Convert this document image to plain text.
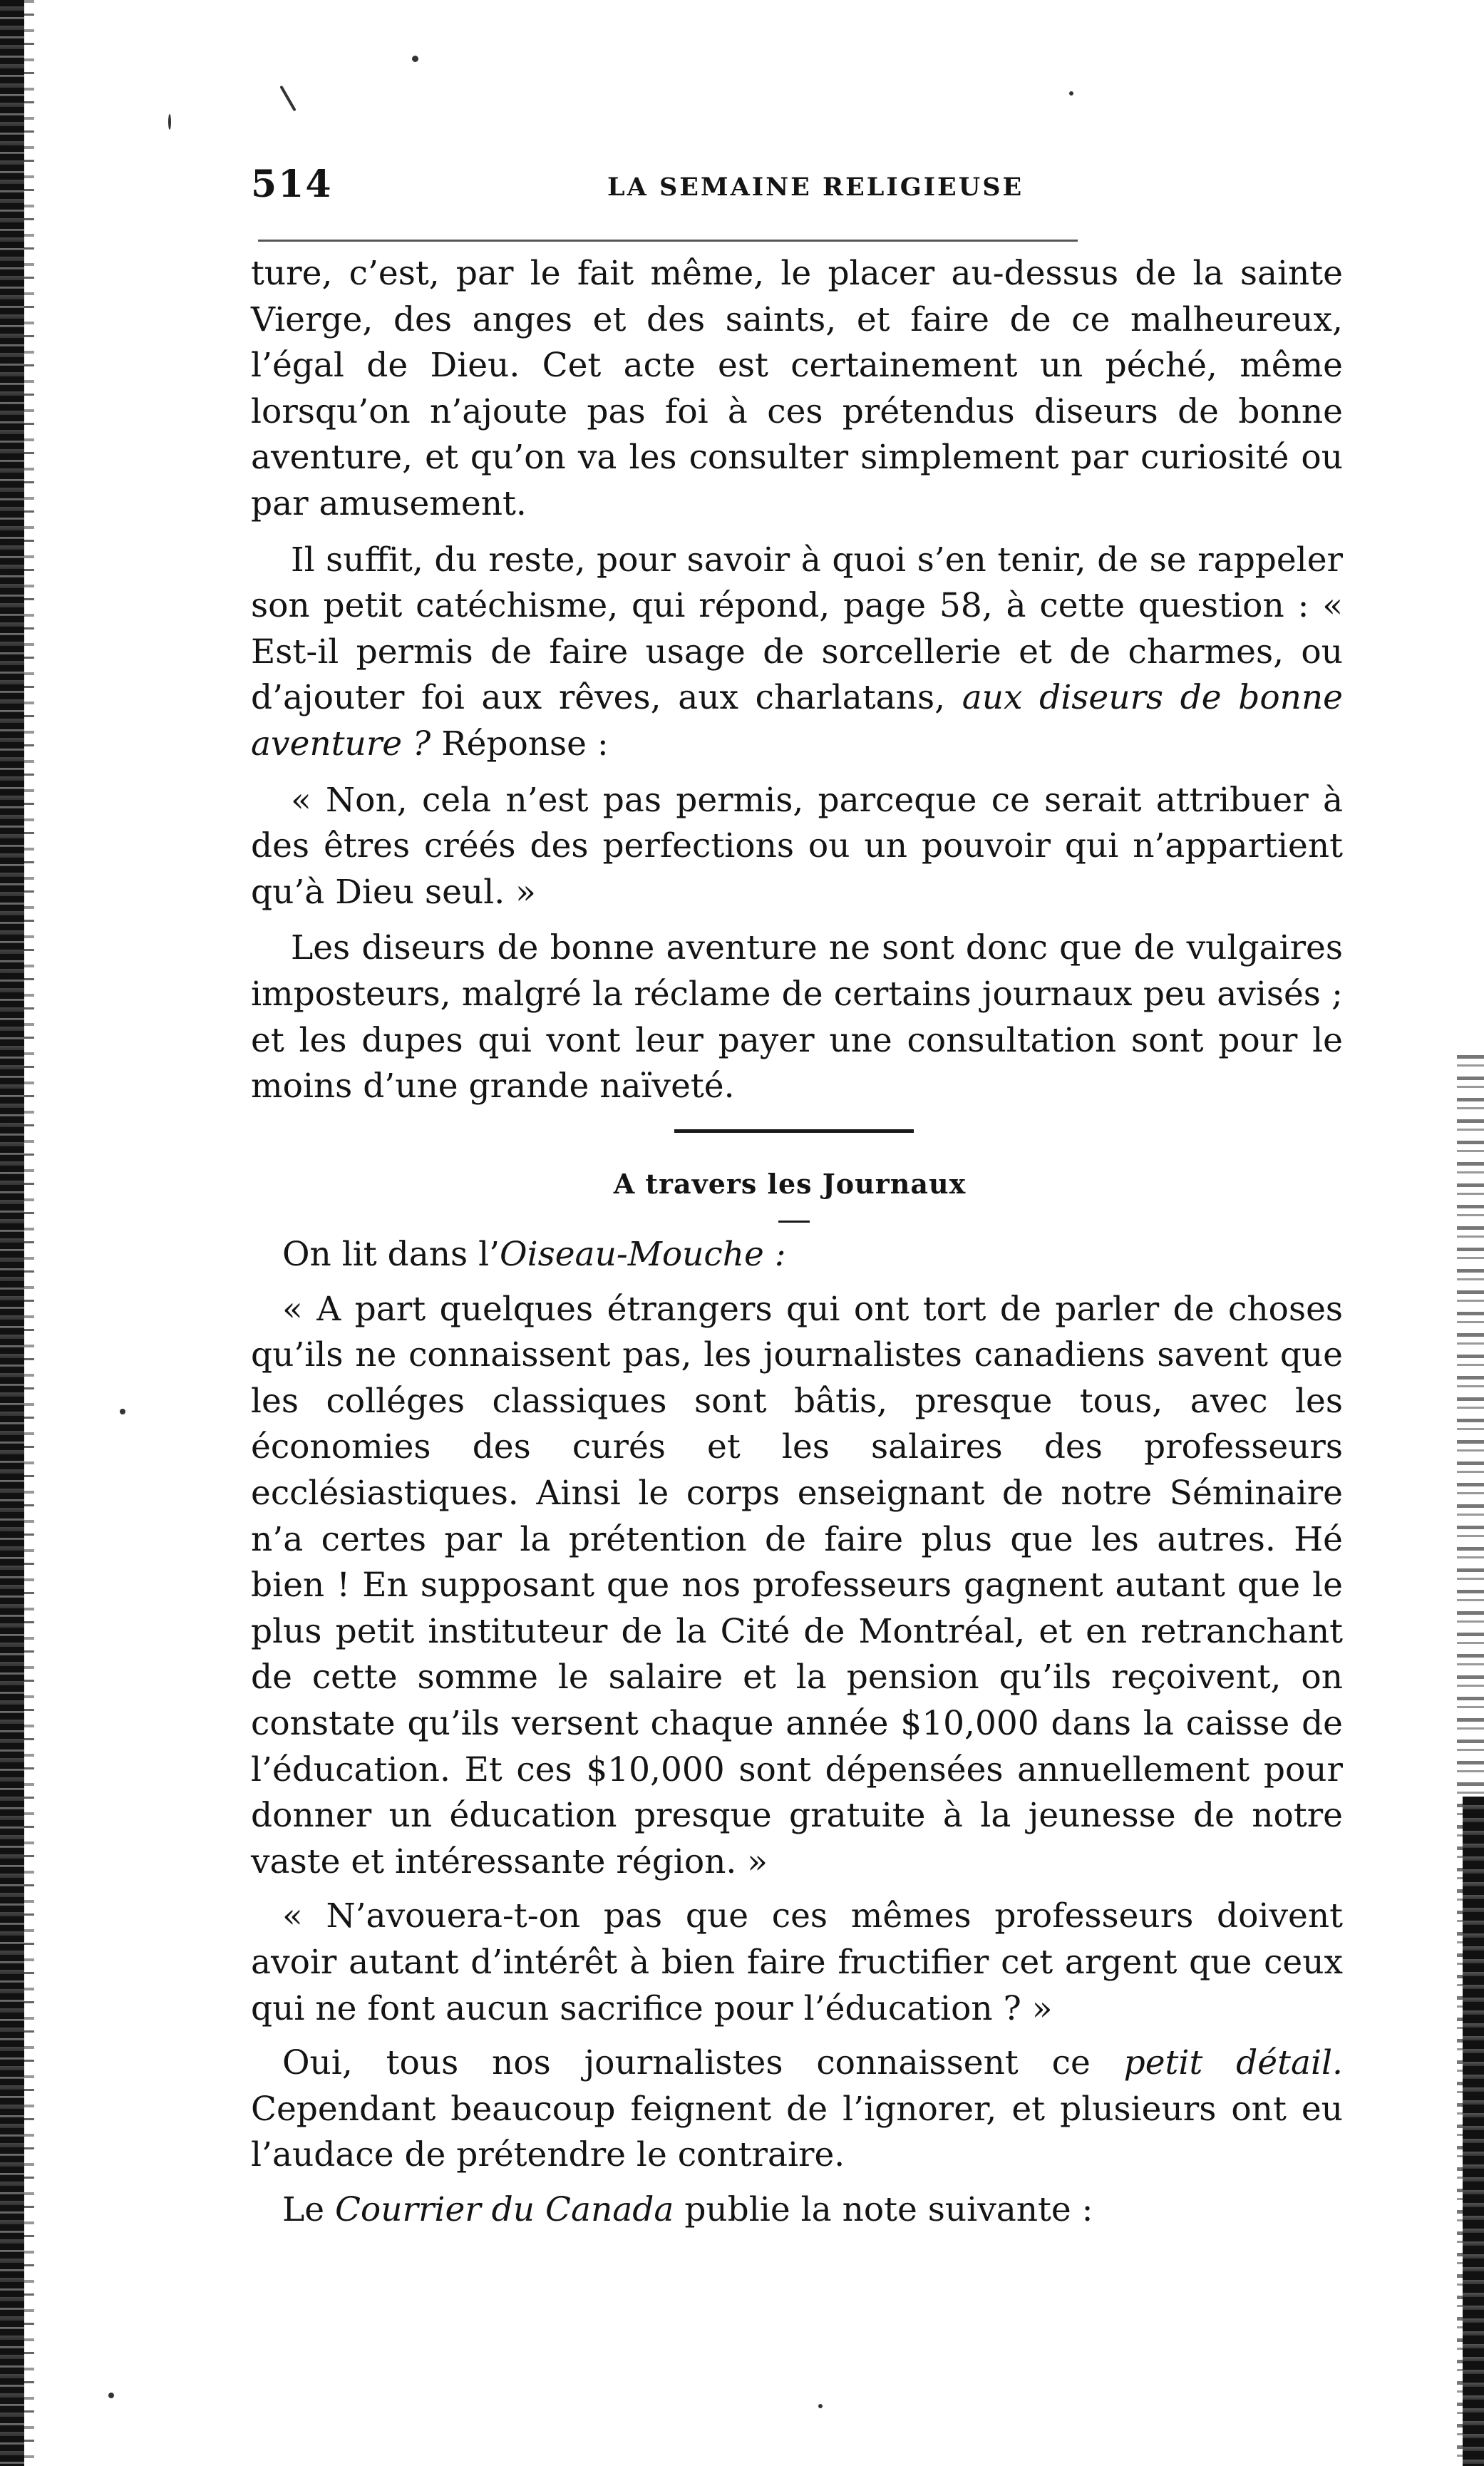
514	LA SEMAINE RELIGIEUSE

ture, c’est, par le fait même, le placer au-dessus de la sainte Vierge, des anges et des saints, et faire de ce malheureux, l’égal de Dieu. Cet acte est certainement un péché, même lorsqu’on n’ajoute pas foi à ces prétendus diseurs de bonne aventure, et qu’on va les consulter simplement par curiosité ou par amusement.

Il suffit, du reste, pour savoir à quoi s’en tenir, de se rappeler son petit catéchisme, qui répond, page 58, à cette question : « Est-il permis de faire usage de sorcellerie et de charmes, ou d’ajouter foi aux rêves, aux charlatans, aux diseurs de bonne aventure ? Réponse :

« Non, cela n’est pas permis, parceque ce serait attribuer à des êtres créés des perfections ou un pouvoir qui n’appartient qu’à Dieu seul. »

Les diseurs de bonne aventure ne sont donc que de vulgaires imposteurs, malgré la réclame de certains journaux peu avisés ; et les dupes qui vont leur payer une consultation sont pour le moins d’une grande naïveté.

A travers les Journaux

On lit dans l’Oiseau-Mouche :

« A part quelques étrangers qui ont tort de parler de choses qu’ils ne connaissent pas, les journalistes canadiens savent que les colléges classiques sont bâtis, presque tous, avec les économies des curés et les salaires des professeurs ecclésiastiques. Ainsi le corps enseignant de notre Séminaire n’a certes par la prétention de faire plus que les autres. Hé bien ! En supposant que nos professeurs gagnent autant que le plus petit instituteur de la Cité de Montréal, et en retranchant de cette somme le salaire et la pension qu’ils reçoivent, on constate qu’ils versent chaque année $10,000 dans la caisse de l’éducation. Et ces $10,000 sont dépensées annuellement pour donner un éducation presque gratuite à la jeunesse de notre vaste et intéressante région. »

« N’avouera-t-on pas que ces mêmes professeurs doivent avoir autant d’intérêt à bien faire fructifier cet argent que ceux qui ne font aucun sacrifice pour l’éducation ? »

Oui, tous nos journalistes connaissent ce petit détail. Cependant beaucoup feignent de l’ignorer, et plusieurs ont eu l’audace de prétendre le contraire.

Le Courrier du Canada publie la note suivante :
